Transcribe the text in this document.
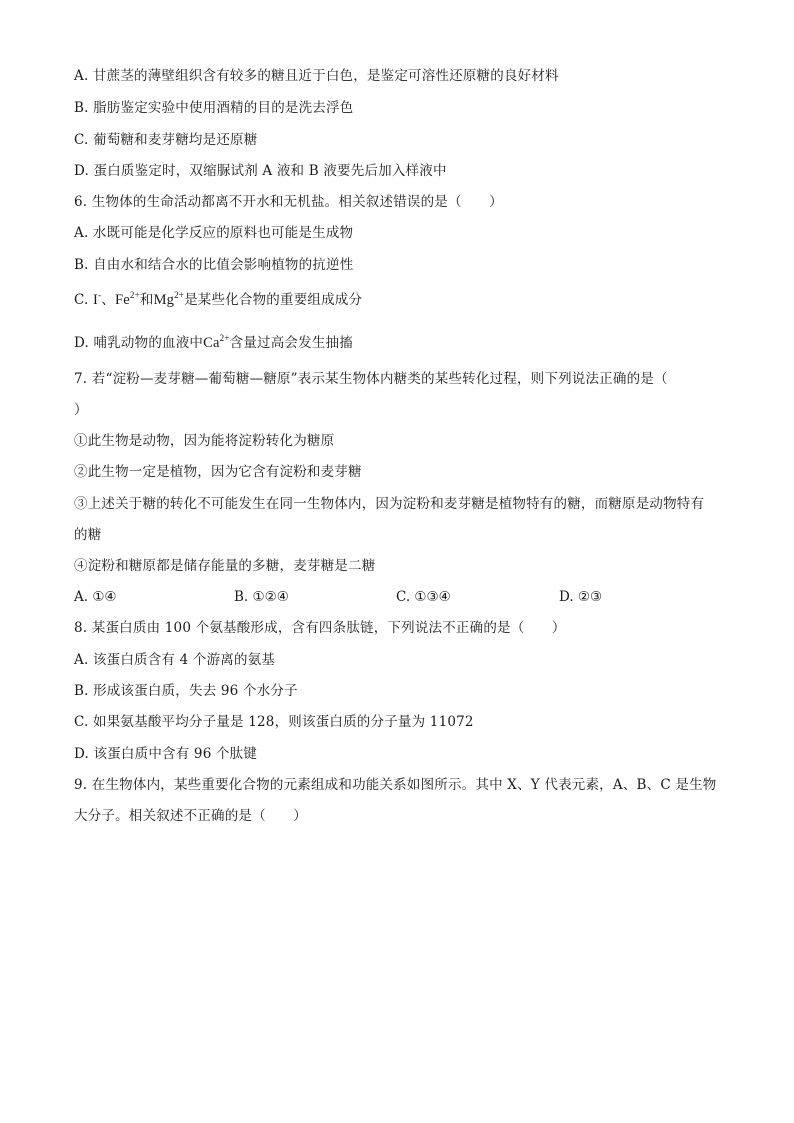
A. 甘蔗茎的薄壁组织含有较多的糖且近于白色，是鉴定可溶性还原糖的良好材料
B. 脂肪鉴定实验中使用酒精的目的是洗去浮色
C. 葡萄糖和麦芽糖均是还原糖
D. 蛋白质鉴定时，双缩脲试剂 A 液和 B 液要先后加入样液中
6. 生物体的生命活动都离不开水和无机盐。相关叙述错误的是（　　）
A. 水既可能是化学反应的原料也可能是生成物
B. 自由水和结合水的比值会影响植物的抗逆性
C. I-、$Fe^{2+}$和$Mg^{2+}$是某些化合物的重要组成成分
D. 哺乳动物的血液中$Ca^{2+}$含量过高会发生抽搐
7. 若“淀粉—麦芽糖—葡萄糖—糖原”表示某生物体内糖类的某些转化过程，则下列说法正确的是（
）
①此生物是动物，因为能将淀粉转化为糖原
②此生物一定是植物，因为它含有淀粉和麦芽糖
③上述关于糖的转化不可能发生在同一生物体内，因为淀粉和麦芽糖是植物特有的糖，而糖原是动物特有
的糖
④淀粉和糖原都是储存能量的多糖，麦芽糖是二糖
A. ①④	B. ①②④	C. ①③④	D. ②③
8. 某蛋白质由 100 个氨基酸形成，含有四条肽链，下列说法不正确的是（　　）
A. 该蛋白质含有 4 个游离的氨基
B. 形成该蛋白质，失去 96 个水分子
C. 如果氨基酸平均分子量是 128，则该蛋白质的分子量为 11072
D. 该蛋白质中含有 96 个肽键
9. 在生物体内，某些重要化合物的元素组成和功能关系如图所示。其中 X、Y 代表元素，A、B、C 是生物
大分子。相关叙述不正确的是（　　）
